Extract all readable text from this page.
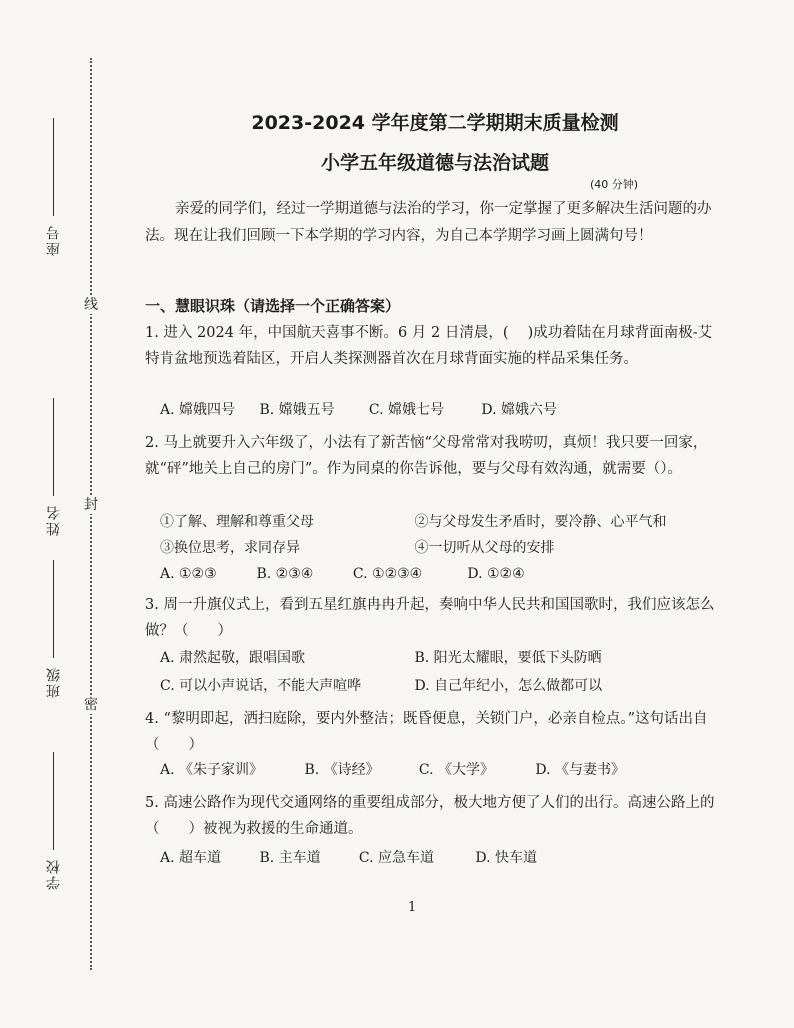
座号
姓名
班级
学校
线
封
密
2023-2024 学年度第二学期期末质量检测
小学五年级道德与法治试题
(40 分钟)
亲爱的同学们，经过一学期道德与法治的学习，你一定掌握了更多解决生活问题的办法。现在让我们回顾一下本学期的学习内容，为自己本学期学习画上圆满句号！
一、慧眼识珠（请选择一个正确答案）
1. 进入 2024 年，中国航天喜事不断。6 月 2 日清晨，(　 )成功着陆在月球背面南极-艾特肯盆地预选着陆区，开启人类探测器首次在月球背面实施的样品采集任务。
A. 嫦娥四号 B. 嫦娥五号 C. 嫦娥七号	D. 嫦娥六号
2. 马上就要升入六年级了，小法有了新苦恼“父母常常对我唠叨，真烦！我只要一回家，就“砰”地关上自己的房门”。作为同桌的你告诉他，要与父母有效沟通，就需要（）。
①了解、理解和尊重父母	②与父母发生矛盾时，要冷静、心平气和
③换位思考，求同存异	④一切听从父母的安排
A. ①②③	B. ②③④	C. ①②③④	D. ①②④
3. 周一升旗仪式上，看到五星红旗冉冉升起，奏响中华人民共和国国歌时，我们应该怎么做？（　　）
A. 肃然起敬，跟唱国歌	B. 阳光太耀眼，要低下头防晒
C. 可以小声说话，不能大声喧哗	D. 自己年纪小，怎么做都可以
4. “黎明即起，洒扫庭除，要内外整洁；既昏便息，关锁门户，必亲自检点。”这句话出自（　　）
A. 《朱子家训》	B. 《诗经》	C. 《大学》	D. 《与妻书》
5. 高速公路作为现代交通网络的重要组成部分，极大地方便了人们的出行。高速公路上的（　　）被视为救援的生命通道。
A. 超车道	B. 主车道	C. 应急车道	D. 快车道
1
